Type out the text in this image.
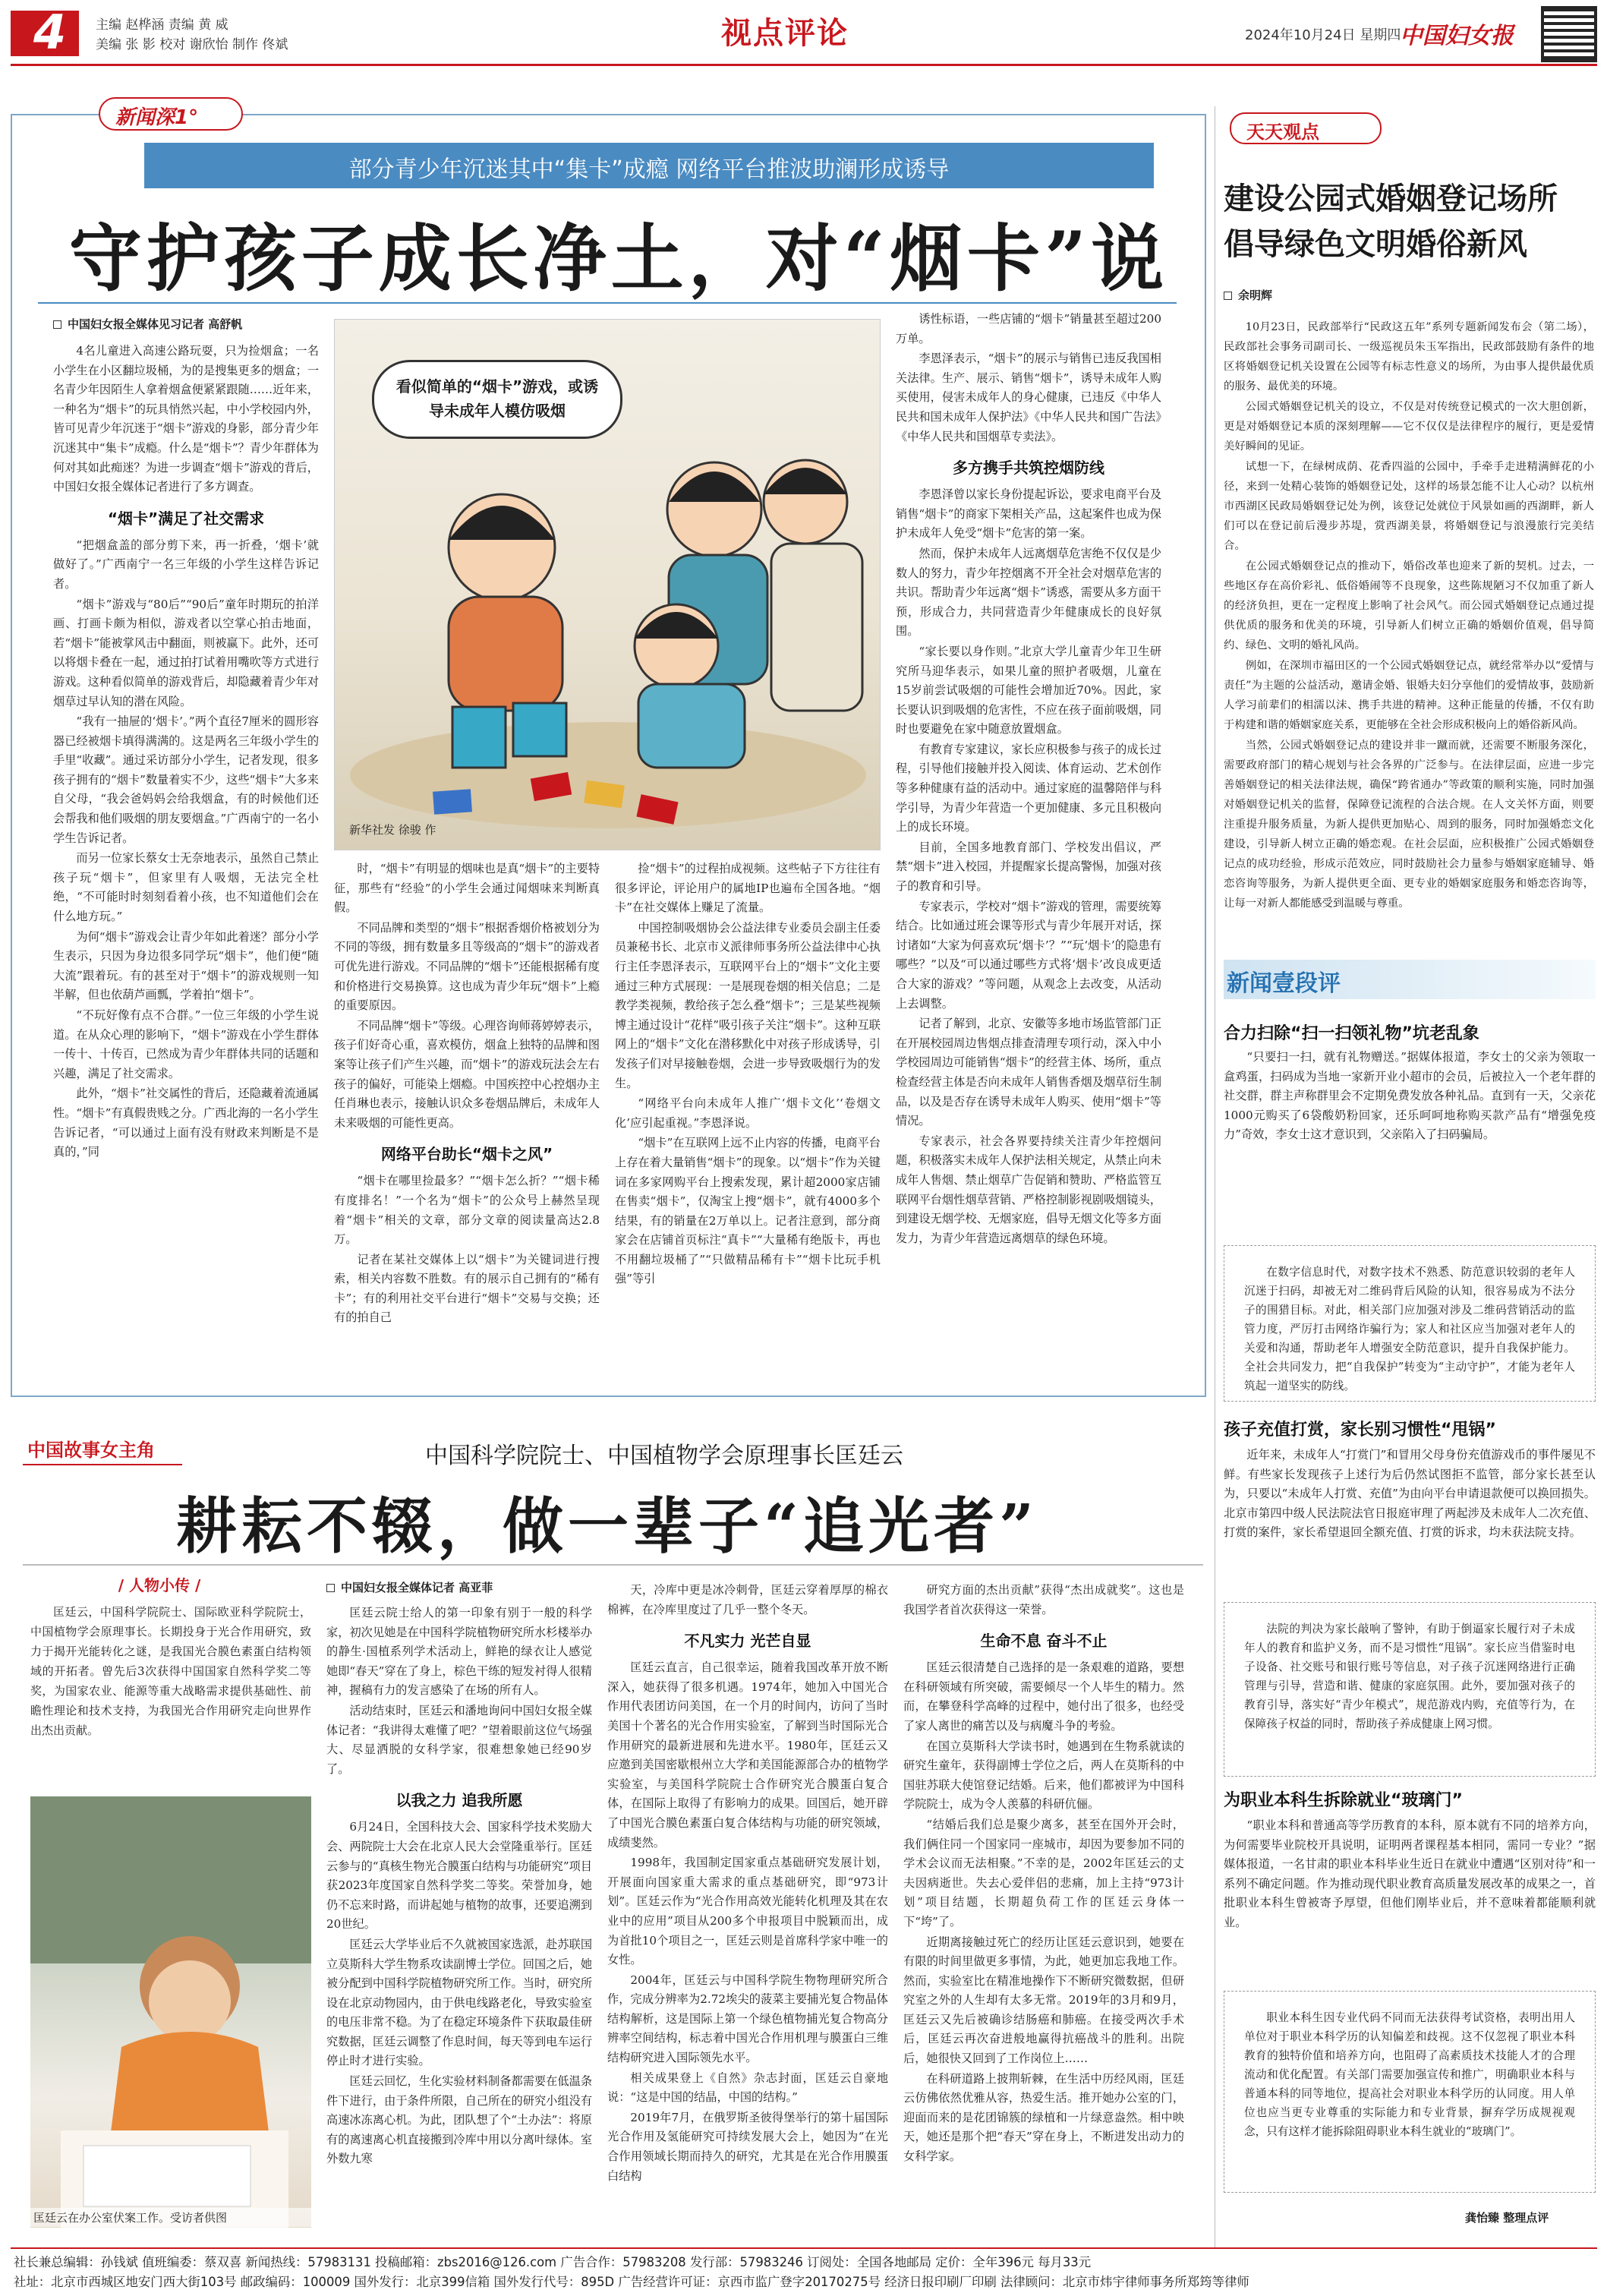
4 主编 赵桦涵 责编 黄 威
美编 张 影 校对 谢欣怡 制作 佟斌	视点评论	2024年10月24日 星期四
中国妇女报
新闻深1°
部分青少年沉迷其中“集卡”成瘾 网络平台推波助澜形成诱导
守护孩子成长净土，对“烟卡”说
中国妇女报全媒体见习记者 高舒帆

4名儿童进入高速公路玩耍，只为捡烟盒；一名小学生在小区翻垃圾桶，为的是搜集更多的烟盒；一名青少年因陌生人拿着烟盒便紧紧跟随……近年来，一种名为“烟卡”的玩具悄然兴起，中小学校园内外，皆可见青少年沉迷于“烟卡”游戏的身影，部分青少年沉迷其中“集卡”成瘾。什么是“烟卡”？青少年群体为何对其如此痴迷？为进一步调查“烟卡”游戏的背后，中国妇女报全媒体记者进行了多方调查。

“烟卡”满足了社交需求

“把烟盒盖的部分剪下来，再一折叠，‘烟卡’就做好了。”广西南宁一名三年级的小学生这样告诉记者。

“烟卡”游戏与“80后”“90后”童年时期玩的拍洋画、打画卡颇为相似，游戏者以空掌心拍击地面，若“烟卡”能被掌风击中翻面，则被赢下。此外，还可以将烟卡叠在一起，通过拍打试着用嘴吹等方式进行游戏。这种看似简单的游戏背后，却隐藏着青少年对烟草过早认知的潜在风险。

“我有一抽屉的‘烟卡’。”两个直径7厘米的圆形容器已经被烟卡填得满满的。这是两名三年级小学生的手里“收藏”。通过采访部分小学生，记者发现，很多孩子拥有的“烟卡”数量着实不少，这些“烟卡”大多来自父母，“我会爸妈妈会给我烟盒，有的时候他们还会帮我和他们吸烟的朋友要烟盒。”广西南宁的一名小学生告诉记者。

而另一位家长蔡女士无奈地表示，虽然自己禁止孩子玩“烟卡”，但家里有人吸烟，无法完全杜绝，“不可能时时刻刻看着小孩，也不知道他们会在什么地方玩。”

为何“烟卡”游戏会让青少年如此着迷？部分小学生表示，只因为身边很多同学玩“烟卡”，他们便“随大流”跟着玩。有的甚至对于“烟卡”的游戏规则一知半解，但也依葫芦画瓢，学着拍“烟卡”。

“不玩好像有点不合群。”一位三年级的小学生说道。在从众心理的影响下，“烟卡”游戏在小学生群体一传十、十传百，已然成为青少年群体共同的话题和兴趣，满足了社交需求。

此外，“烟卡”社交属性的背后，还隐藏着流通属性。“烟卡”有真假贵贱之分。广西北海的一名小学生告诉记者，“可以通过上面有没有财政来判断是不是真的，”同

看似简单的“烟卡”游戏，或诱导未成年人模仿吸烟
新华社发 徐骏 作

时，“烟卡”有明显的烟味也是真“烟卡”的主要特征，那些有“经验”的小学生会通过闻烟味来判断真假。

不同品牌和类型的“烟卡”根据香烟价格被划分为不同的等级，拥有数量多且等级高的“烟卡”的游戏者可优先进行游戏。不同品牌的“烟卡”还能根据稀有度和价格进行交易换算。这也成为青少年玩“烟卡”上瘾的重要原因。

不同品牌“烟卡”等级。心理咨询师蒋婷婷表示，孩子们好奇心重，喜欢模仿，烟盒上独特的品牌和图案等让孩子们产生兴趣，而“烟卡”的游戏玩法会左右孩子的偏好，可能染上烟瘾。中国疾控中心控烟办主任肖琳也表示，接触认识众多卷烟品牌后，未成年人未来吸烟的可能性更高。

网络平台助长“烟卡之风”

“烟卡在哪里捡最多？”“烟卡怎么折？”“烟卡稀有度排名！”一个名为“烟卡”的公众号上赫然呈现着“烟卡”相关的文章，部分文章的阅读量高达2.8万。

记者在某社交媒体上以“烟卡”为关键词进行搜索，相关内容数不胜数。有的展示自己拥有的“稀有卡”；有的利用社交平台进行“烟卡”交易与交换；还有的拍自己

捡“烟卡”的过程拍成视频。这些帖子下方往往有很多评论，评论用户的属地IP也遍布全国各地。“烟卡”在社交媒体上赚足了流量。

中国控制吸烟协会公益法律专业委员会副主任委员兼秘书长、北京市义派律师事务所公益法律中心执行主任李恩泽表示，互联网平台上的“烟卡”文化主要通过三种方式展现：一是展现卷烟的相关信息；二是教学类视频，教给孩子怎么叠“烟卡”；三是某些视频博主通过设计“花样”吸引孩子关注“烟卡”。这种互联网上的“烟卡”文化在潜移默化中对孩子形成诱导，引发孩子们对早接触卷烟，会进一步导致吸烟行为的发生。

“网络平台向未成年人推广‘烟卡文化’‘卷烟文化’应引起重视。”李恩泽说。

“烟卡”在互联网上远不止内容的传播，电商平台上存在着大量销售“烟卡”的现象。以“烟卡”作为关键词在多家网购平台上搜索发现，累计超2000家店铺在售卖“烟卡”，仅淘宝上搜“烟卡”，就有4000多个结果，有的销量在2万单以上。记者注意到，部分商家会在店铺首页标注“真卡”“大量稀有绝版卡，再也不用翻垃圾桶了”“只做精品稀有卡”“烟卡比玩手机强”等引

诱性标语，一些店铺的“烟卡”销量甚至超过200万单。

李恩泽表示，“烟卡”的展示与销售已违反我国相关法律。生产、展示、销售“烟卡”，诱导未成年人购买使用，侵害未成年人的身心健康，已违反《中华人民共和国未成年人保护法》《中华人民共和国广告法》《中华人民共和国烟草专卖法》。

多方携手共筑控烟防线

李恩泽曾以家长身份提起诉讼，要求电商平台及销售“烟卡”的商家下架相关产品，这起案件也成为保护未成年人免受“烟卡”危害的第一案。

然而，保护未成年人远离烟草危害绝不仅仅是少数人的努力，青少年控烟离不开全社会对烟草危害的共识。帮助青少年远离“烟卡”诱惑，需要从多方面干预，形成合力，共同营造青少年健康成长的良好氛围。

“家长要以身作则。”北京大学儿童青少年卫生研究所马迎华表示，如果儿童的照护者吸烟，儿童在15岁前尝试吸烟的可能性会增加近70%。因此，家长要认识到吸烟的危害性，不应在孩子面前吸烟，同时也要避免在家中随意放置烟盒。

有教育专家建议，家长应积极参与孩子的成长过程，引导他们接触并投入阅读、体育运动、艺术创作等多种健康有益的活动中。通过家庭的温馨陪伴与科学引导，为青少年营造一个更加健康、多元且积极向上的成长环境。

目前，全国多地教育部门、学校发出倡议，严禁“烟卡”进入校园，并提醒家长提高警惕，加强对孩子的教育和引导。

专家表示，学校对“烟卡”游戏的管理，需要统筹结合。比如通过班会课等形式与青少年展开对话，探讨诸如“大家为何喜欢玩‘烟卡’？”“玩‘烟卡’的隐患有哪些？”以及“可以通过哪些方式将‘烟卡’改良成更适合大家的游戏？”等问题，从观念上去改变，从活动上去调整。

记者了解到，北京、安徽等多地市场监管部门正在开展校园周边售烟点排查清理专项行动，深入中小学校园周边可能销售“烟卡”的经营主体、场所，重点检查经营主体是否向未成年人销售香烟及烟草衍生制品，以及是否存在诱导未成年人购买、使用“烟卡”等情况。

专家表示，社会各界要持续关注青少年控烟问题，积极落实未成年人保护法相关规定，从禁止向未成年人售烟、禁止烟草广告促销和赞助、严格监管互联网平台烟性烟草营销、严格控制影视剧吸烟镜头，到建设无烟学校、无烟家庭，倡导无烟文化等多方面发力，为青少年营造远离烟草的绿色环境。

天天观点
建设公园式婚姻登记场所
倡导绿色文明婚俗新风
余明辉

10月23日，民政部举行“民政这五年”系列专题新闻发布会（第二场），民政部社会事务司副司长、一级巡视员朱玉军指出，民政部鼓励有条件的地区将婚姻登记机关设置在公园等有标志性意义的场所，为由事人提供最优质的服务、最优美的环境。

公园式婚姻登记机关的设立，不仅是对传统登记模式的一次大胆创新，更是对婚姻登记本质的深刻理解——它不仅仅是法律程序的履行，更是爱情美好瞬间的见证。

试想一下，在绿树成荫、花香四溢的公园中，手牵手走进精满鲜花的小径，来到一处精心装饰的婚姻登记处，这样的场景怎能不让人心动？以杭州市西湖区民政局婚姻登记处为例，该登记处就位于风景如画的西湖畔，新人们可以在登记前后漫步苏堤，赏西湖美景，将婚姻登记与浪漫旅行完美结合。

在公园式婚姻登记点的推动下，婚俗改革也迎来了新的契机。过去，一些地区存在高价彩礼、低俗婚闹等不良现象，这些陈规陋习不仅加重了新人的经济负担，更在一定程度上影响了社会风气。而公园式婚姻登记点通过提供优质的服务和优美的环境，引导新人们树立正确的婚姻价值观，倡导简约、绿色、文明的婚礼风尚。

例如，在深圳市福田区的一个公园式婚姻登记点，就经常举办以“爱情与责任”为主题的公益活动，邀请金婚、银婚夫妇分享他们的爱情故事，鼓励新人学习前辈们的相濡以沫、携手共进的精神。这种正能量的传播，不仅有助于构建和谐的婚姻家庭关系，更能够在全社会形成积极向上的婚俗新风尚。

当然，公园式婚姻登记点的建设并非一蹴而就，还需要不断服务深化，需要政府部门的精心规划与社会各界的广泛参与。在法律层面，应进一步完善婚姻登记的相关法律法规，确保“跨省通办”等政策的顺利实施，同时加强对婚姻登记机关的监督，保障登记流程的合法合规。在人文关怀方面，则要注重提升服务质量，为新人提供更加贴心、周到的服务，同时加强婚恋文化建设，引导新人树立正确的婚恋观。在社会层面，应积极推广公园式婚姻登记点的成功经验，形成示范效应，同时鼓励社会力量参与婚姻家庭辅导、婚恋咨询等服务，为新人提供更全面、更专业的婚姻家庭服务和婚恋咨询等，让每一对新人都能感受到温暖与尊重。

新闻壹段评
合力扫除“扫一扫领礼物”坑老乱象

“只要扫一扫，就有礼物赠送。”据媒体报道，李女士的父亲为领取一盒鸡蛋，扫码成为当地一家新开业小超市的会员，后被拉入一个老年群的社交群，群主声称群里会不定期免费发放各种礼品。直到有一天，父亲花1000元购买了6袋酸奶粉回家，还乐呵呵地称购买款产品有“增强免疫力”奇效，李女士这才意识到，父亲陷入了扫码骗局。

在数字信息时代，对数字技术不熟悉、防范意识较弱的老年人沉迷于扫码，却被无对二维码背后风险的认知，很容易成为不法分子的围猎目标。对此，相关部门应加强对涉及二维码营销活动的监管力度，严厉打击网络诈骗行为；家人和社区应当加强对老年人的关爱和沟通，帮助老年人增强安全防范意识，提升自我保护能力。全社会共同发力，把“自我保护”转变为“主动守护”，才能为老年人筑起一道坚实的防线。

孩子充值打赏，家长别习惯性“甩锅”

近年来，未成年人“打赏门”和冒用父母身份充值游戏币的事件屡见不鲜。有些家长发现孩子上述行为后仍然试图拒不监管，部分家长甚至认为，只要以“未成年人打赏、充值”为由向平台申请退款便可以换回损失。北京市第四中级人民法院法官日报庭审理了两起涉及未成年人二次充值、打赏的案件，家长希望退回全额充值、打赏的诉求，均未获法院支持。

法院的判决为家长敲响了警钟，有助于倒逼家长履行对子未成年人的教育和监护义务，而不是习惯性“甩锅”。家长应当借鉴时电子设备、社交账号和银行账号等信息，对子孩子沉迷网络进行正确管理与引导，营造和谐、健康的家庭氛围。此外，要加强对孩子的教育引导，落实好“青少年模式”，规范游戏内购，充值等行为，在保障孩子权益的同时，帮助孩子养成健康上网习惯。

为职业本科生拆除就业“玻璃门”

“职业本科和普通高等学历教育的本科，原本就有不同的培养方向，为何需要毕业院校开具说明，证明两者课程基本相同，需同一专业？”据媒体报道，一名甘肃的职业本科毕业生近日在就业中遭遇“区别对待”和一系列不确定问题。作为推动现代职业教育高质量发展改革的成果之一，首批职业本科生曾被寄予厚望，但他们刚毕业后，并不意味着都能顺利就业。

职业本科生因专业代码不同而无法获得考试资格，表明出用人单位对于职业本科学历的认知偏差和歧视。这不仅忽视了职业本科教育的独特价值和培养方向，也阻碍了高素质技术技能人才的合理流动和优化配置。有关部门需要加强宣传和推广，明确职业本科与普通本科的同等地位，提高社会对职业本科学历的认同度。用人单位也应当更专业尊重的实际能力和专业背景，摒弃学历成规视观念，只有这样才能拆除阻碍职业本科生就业的“玻璃门”。

龚怡臻 整理点评
中国故事女主角	中国科学院院士、中国植物学会原理事长匡廷云
耕耘不辍，做一辈子“追光者”
/ 人物小传 /

匡廷云，中国科学院院士、国际欧亚科学院院士，中国植物学会原理事长。长期投身于光合作用研究，致力于揭开光能转化之谜，是我国光合膜色素蛋白结构领域的开拓者。曾先后3次获得中国国家自然科学奖二等奖，为国家农业、能源等重大战略需求提供基础性、前瞻性理论和技术支持，为我国光合作用研究走向世界作出杰出贡献。

匡廷云在办公室伏案工作。受访者供图
中国妇女报全媒体记者 高亚菲

匡廷云院士给人的第一印象有别于一般的科学家，初次见她是在中国科学院植物研究所水杉楼举办的静生·国植系列学术活动上，鲜艳的绿衣让人感觉她即“春天”穿在了身上，棕色干练的短发衬得人很精神，握稿有力的发言感染了在场的所有人。

活动结束时，匡廷云和潘地询问中国妇女报全媒体记者：“我讲得太难懂了吧？”望着眼前这位气场强大、尽显洒脱的女科学家，很难想象她已经90岁了。

以我之力 追我所愿

6月24日，全国科技大会、国家科学技术奖励大会、两院院士大会在北京人民大会堂隆重举行。匡廷云参与的“真核生物光合膜蛋白结构与功能研究”项目获2023年度国家自然科学奖二等奖。荣誉加身，她仍不忘来时路，而讲起她与植物的故事，还要追溯到20世纪。

匡廷云大学毕业后不久就被国家选派，赴苏联国立莫斯科大学生物系攻读副博士学位。回国之后，她被分配到中国科学院植物研究所工作。当时，研究所设在北京动物园内，由于供电线路老化，导致实验室的电压非常不稳。为了在稳定环境条件下获取最佳研究数据，匡廷云调整了作息时间，每天等到电车运行停止时才进行实验。

匡廷云回忆，生化实验材料制备都需要在低温条件下进行，由于条件所限，自己所在的研究小组没有高速冰冻离心机。为此，团队想了个“土办法”：将原有的离速离心机直接搬到冷库中用以分离叶绿体。室外数九寒

天，冷库中更是冰冷刺骨，匡廷云穿着厚厚的棉衣棉裤，在冷库里度过了几乎一整个冬天。

不凡实力 光芒自显

匡廷云直言，自己很幸运，随着我国改革开放不断深入，她获得了很多机遇。1974年，她加入中国光合作用代表团访问美国，在一个月的时间内，访问了当时美国十个著名的光合作用实验室，了解到当时国际光合作用研究的最新进展和先进水平。1980年，匡廷云又应邀到美国密歇根州立大学和美国能源部合办的植物学实验室，与美国科学院院士合作研究光合膜蛋白复合体，在国际上取得了有影响力的成果。回国后，她开辟了中国光合膜色素蛋白复合体结构与功能的研究领域，成绩斐然。

1998年，我国制定国家重点基础研究发展计划，开展面向国家重大需求的重点基础研究，即“973计划”。匡廷云作为“光合作用高效光能转化机理及其在农业中的应用”项目从200多个申报项目中脱颖而出，成为首批10个项目之一，匡廷云则是首席科学家中唯一的女性。

2004年，匡廷云与中国科学院生物物理研究所合作，完成分辨率为2.72埃尖的菠菜主要捕光复合物晶体结构解析，这是国际上第一个绿色植物捕光复合物高分辨率空间结构，标志着中国光合作用机理与膜蛋白三维结构研究进入国际领先水平。

相关成果登上《自然》杂志封面，匡廷云自豪地说：“这是中国的结晶，中国的结构。”

2019年7月，在俄罗斯圣彼得堡举行的第十届国际光合作用及氢能研究可持续发展大会上，她因为“在光合作用领域长期而持久的研究，尤其是在光合作用膜蛋白结构

研究方面的杰出贡献”获得“杰出成就奖”。这也是我国学者首次获得这一荣誉。

生命不息 奋斗不止

匡廷云很清楚自己选择的是一条艰难的道路，要想在科研领域有所突破，需要倾尽一个人毕生的精力。然而，在攀登科学高峰的过程中，她付出了很多，也经受了家人离世的痛苦以及与病魔斗争的考验。

在国立莫斯科大学读书时，她遇到在生物系就读的研究生童年，获得副博士学位之后，两人在莫斯科的中国驻苏联大使馆登记结婚。后来，他们都被评为中国科学院院士，成为令人羡慕的科研伉俪。

“结婚后我们总是聚少离多，甚至在国外开会时，我们俩住同一个国家同一座城市，却因为要参加不同的学术会议而无法相聚。”不幸的是，2002年匡廷云的丈夫因病逝世。失去心爱伴侣的悲痛，加上主持“973计划”项目结题，长期超负荷工作的匡廷云身体一下“垮”了。

近期离接触过死亡的经历让匡廷云意识到，她要在有限的时间里做更多事情，为此，她更加忘我地工作。然而，实验室比在精准地操作下不断研究微数据，但研究室之外的人生却有太多无常。2019年的3月和9月，匡廷云又先后被确诊结肠癌和肺癌。在接受两次手术后，匡廷云再次奋进般地赢得抗癌战斗的胜利。出院后，她很快又回到了工作岗位上……

在科研道路上披荆斩棘，在生活中历经风雨，匡廷云仿佛依然优雅从容，热爱生活。推开她办公室的门，迎面而来的是花团锦簇的绿植和一片绿意盎然。相中映天，她还是那个把“春天”穿在身上，不断进发出动力的女科学家。

社长兼总编辑：孙钱斌 值班编委：蔡双喜 新闻热线：57983131 投稿邮箱：zbs2016@126.com 广告合作：57983208 发行部：57983246 订阅处：全国各地邮局 定价：全年396元 每月33元
社址：北京市西城区地安门西大街103号 邮政编码：100009 国外发行：北京399信箱 国外发行代号：895D 广告经营许可证：京西市监广登字20170275号 经济日报印刷厂印刷 法律顾问：北京市炜宇律师事务所郑筠等律师
